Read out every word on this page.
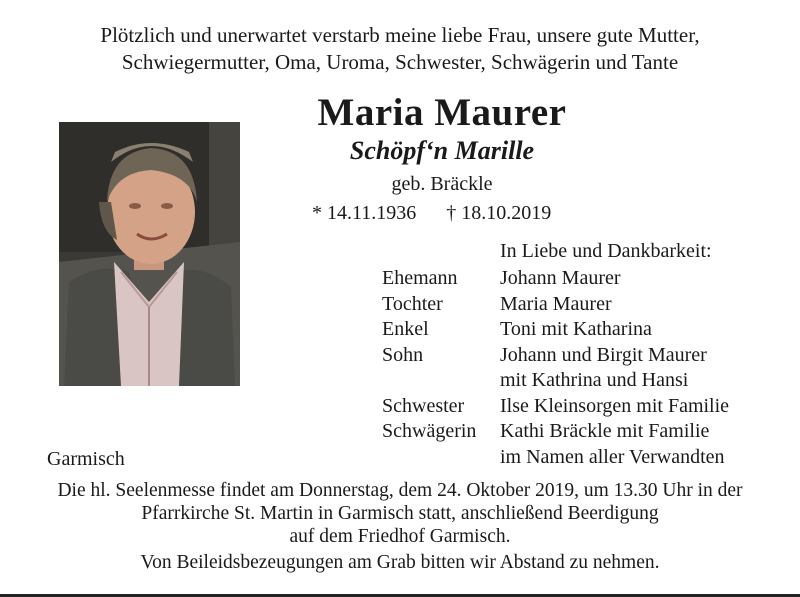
Plötzlich und unerwartet verstarb meine liebe Frau, unsere gute Mutter,
Schwiegermutter, Oma, Uroma, Schwester, Schwägerin und Tante
Maria Maurer
Schöpf‘n Marille
geb. Bräckle
* 14.11.1936 † 18.10.2019
In Liebe und Dankbarkeit:
Ehemann	Johann Maurer
Tochter	Maria Maurer
Enkel	Toni mit Katharina
Sohn	Johann und Birgit Maurer
mit Kathrina und Hansi
Schwester	Ilse Kleinsorgen mit Familie
Schwägerin	Kathi Bräckle mit Familie
im Namen aller Verwandten
Garmisch
Die hl. Seelenmesse findet am Donnerstag, dem 24. Oktober 2019, um 13.30 Uhr in der
Pfarrkirche St. Martin in Garmisch statt, anschließend Beerdigung
auf dem Friedhof Garmisch.
Von Beileidsbezeugungen am Grab bitten wir Abstand zu nehmen.
